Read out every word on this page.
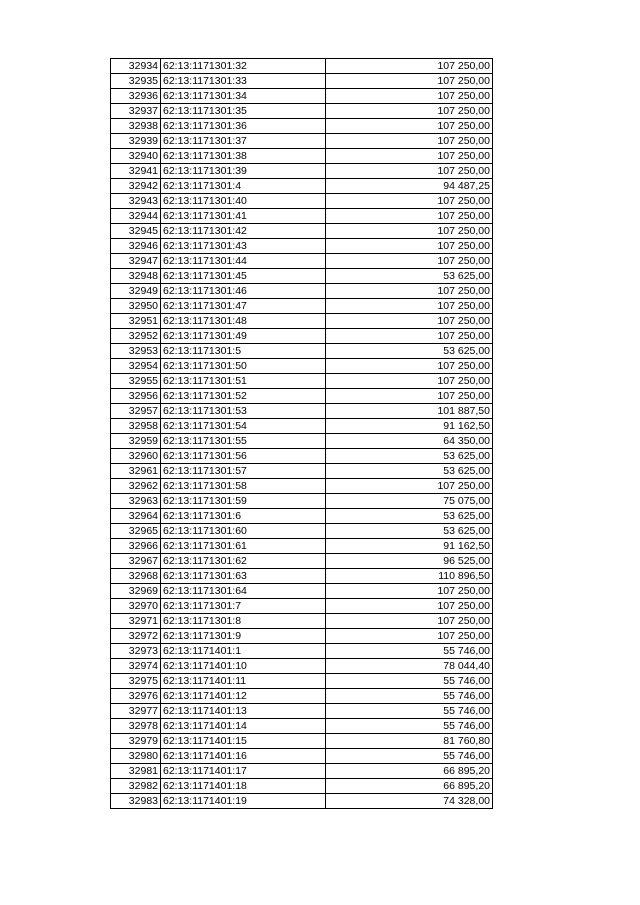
32934	62:13:1171301:32	107 250,00
32935	62:13:1171301:33	107 250,00
32936	62:13:1171301:34	107 250,00
32937	62:13:1171301:35	107 250,00
32938	62:13:1171301:36	107 250,00
32939	62:13:1171301:37	107 250,00
32940	62:13:1171301:38	107 250,00
32941	62:13:1171301:39	107 250,00
32942	62:13:1171301:4	94 487,25
32943	62:13:1171301:40	107 250,00
32944	62:13:1171301:41	107 250,00
32945	62:13:1171301:42	107 250,00
32946	62:13:1171301:43	107 250,00
32947	62:13:1171301:44	107 250,00
32948	62:13:1171301:45	53 625,00
32949	62:13:1171301:46	107 250,00
32950	62:13:1171301:47	107 250,00
32951	62:13:1171301:48	107 250,00
32952	62:13:1171301:49	107 250,00
32953	62:13:1171301:5	53 625,00
32954	62:13:1171301:50	107 250,00
32955	62:13:1171301:51	107 250,00
32956	62:13:1171301:52	107 250,00
32957	62:13:1171301:53	101 887,50
32958	62:13:1171301:54	91 162,50
32959	62:13:1171301:55	64 350,00
32960	62:13:1171301:56	53 625,00
32961	62:13:1171301:57	53 625,00
32962	62:13:1171301:58	107 250,00
32963	62:13:1171301:59	75 075,00
32964	62:13:1171301:6	53 625,00
32965	62:13:1171301:60	53 625,00
32966	62:13:1171301:61	91 162,50
32967	62:13:1171301:62	96 525,00
32968	62:13:1171301:63	110 896,50
32969	62:13:1171301:64	107 250,00
32970	62:13:1171301:7	107 250,00
32971	62:13:1171301:8	107 250,00
32972	62:13:1171301:9	107 250,00
32973	62:13:1171401:1	55 746,00
32974	62:13:1171401:10	78 044,40
32975	62:13:1171401:11	55 746,00
32976	62:13:1171401:12	55 746,00
32977	62:13:1171401:13	55 746,00
32978	62:13:1171401:14	55 746,00
32979	62:13:1171401:15	81 760,80
32980	62:13:1171401:16	55 746,00
32981	62:13:1171401:17	66 895,20
32982	62:13:1171401:18	66 895,20
32983	62:13:1171401:19	74 328,00
